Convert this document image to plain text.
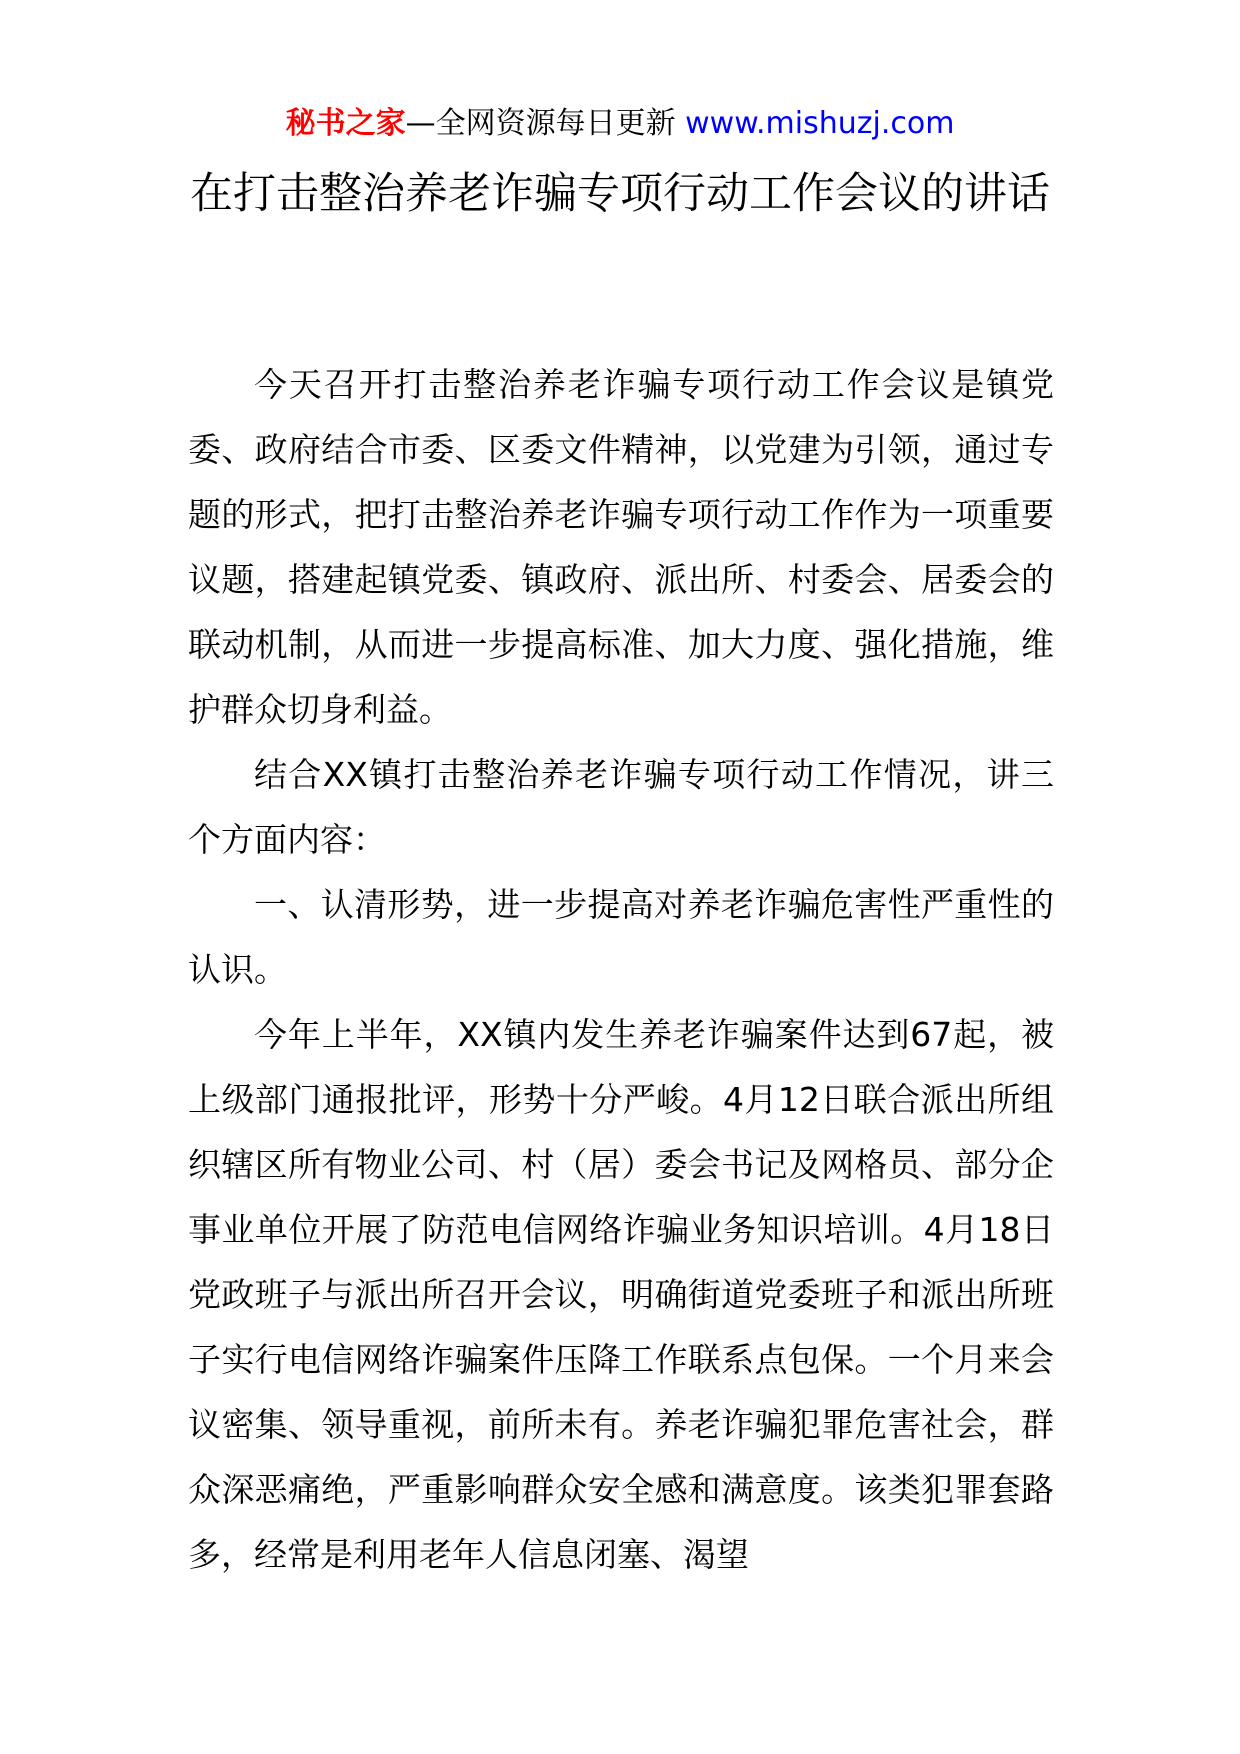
秘书之家—全网资源每日更新 www.mishuzj.com
在打击整治养老诈骗专项行动工作会议的讲话

今天召开打击整治养老诈骗专项行动工作会议是镇党委、政府结合市委、区委文件精神，以党建为引领，通过专题的形式，把打击整治养老诈骗专项行动工作作为一项重要议题，搭建起镇党委、镇政府、派出所、村委会、居委会的联动机制，从而进一步提高标准、加大力度、强化措施，维护群众切身利益。

结合XX镇打击整治养老诈骗专项行动工作情况，讲三个方面内容：

一、认清形势，进一步提高对养老诈骗危害性严重性的认识。

今年上半年，XX镇内发生养老诈骗案件达到67起，被上级部门通报批评，形势十分严峻。4月12日联合派出所组织辖区所有物业公司、村（居）委会书记及网格员、部分企事业单位开展了防范电信网络诈骗业务知识培训。4月18日党政班子与派出所召开会议，明确街道党委班子和派出所班子实行电信网络诈骗案件压降工作联系点包保。一个月来会议密集、领导重视，前所未有。养老诈骗犯罪危害社会，群众深恶痛绝，严重影响群众安全感和满意度。该类犯罪套路多，经常是利用老年人信息闭塞、渴望
